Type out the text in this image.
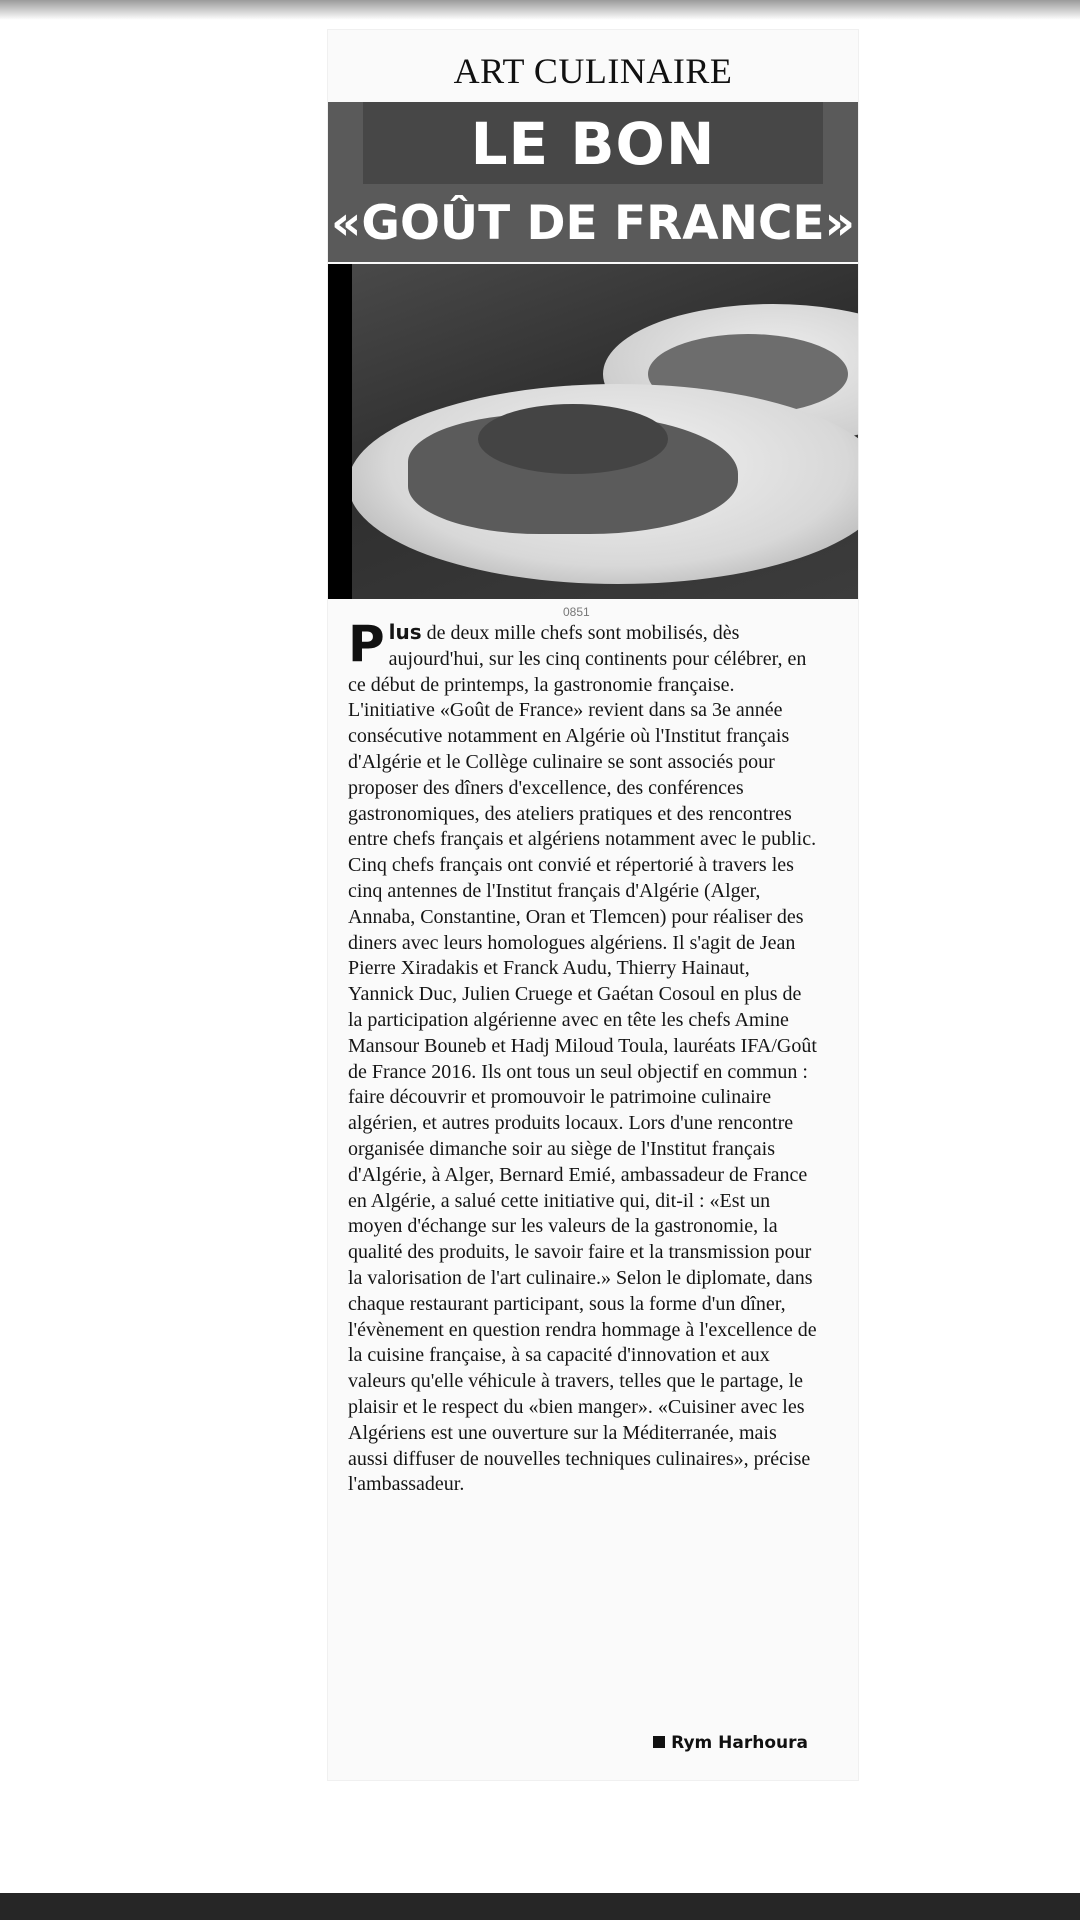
ART CULINAIRE
LE BON
«GOÛT DE FRANCE»
0851

Plus de deux mille chefs sont mobilisés, dès aujourd'hui, sur les cinq continents pour célébrer, en ce début de printemps, la gastronomie française. L'initiative «Goût de France» revient dans sa 3e année consécutive notamment en Algérie où l'Institut français d'Algérie et le Collège culinaire se sont associés pour proposer des dîners d'excellence, des conférences gastronomiques, des ateliers pratiques et des rencontres entre chefs français et algériens notamment avec le public. Cinq chefs français ont convié et répertorié à travers les cinq antennes de l'Institut français d'Algérie (Alger, Annaba, Constantine, Oran et Tlemcen) pour réaliser des diners avec leurs homologues algériens. Il s'agit de Jean Pierre Xiradakis et Franck Audu, Thierry Hainaut, Yannick Duc, Julien Cruege et Gaétan Cosoul en plus de la participation algérienne avec en tête les chefs Amine Mansour Bouneb et Hadj Miloud Toula, lauréats IFA/Goût de France 2016. Ils ont tous un seul objectif en commun : faire découvrir et promouvoir le patrimoine culinaire algérien, et autres produits locaux. Lors d'une rencontre organisée dimanche soir au siège de l'Institut français d'Algérie, à Alger, Bernard Emié, ambassadeur de France en Algérie, a salué cette initiative qui, dit-il : «Est un moyen d'échange sur les valeurs de la gastronomie, la qualité des produits, le savoir faire et la transmission pour la valorisation de l'art culinaire.» Selon le diplomate, dans chaque restaurant participant, sous la forme d'un dîner, l'évènement en question rendra hommage à l'excellence de la cuisine française, à sa capacité d'innovation et aux valeurs qu'elle véhicule à travers, telles que le partage, le plaisir et le respect du «bien manger». «Cuisiner avec les Algériens est une ouverture sur la Méditerranée, mais aussi diffuser de nouvelles techniques culinaires», précise l'ambassadeur.

Rym Harhoura
